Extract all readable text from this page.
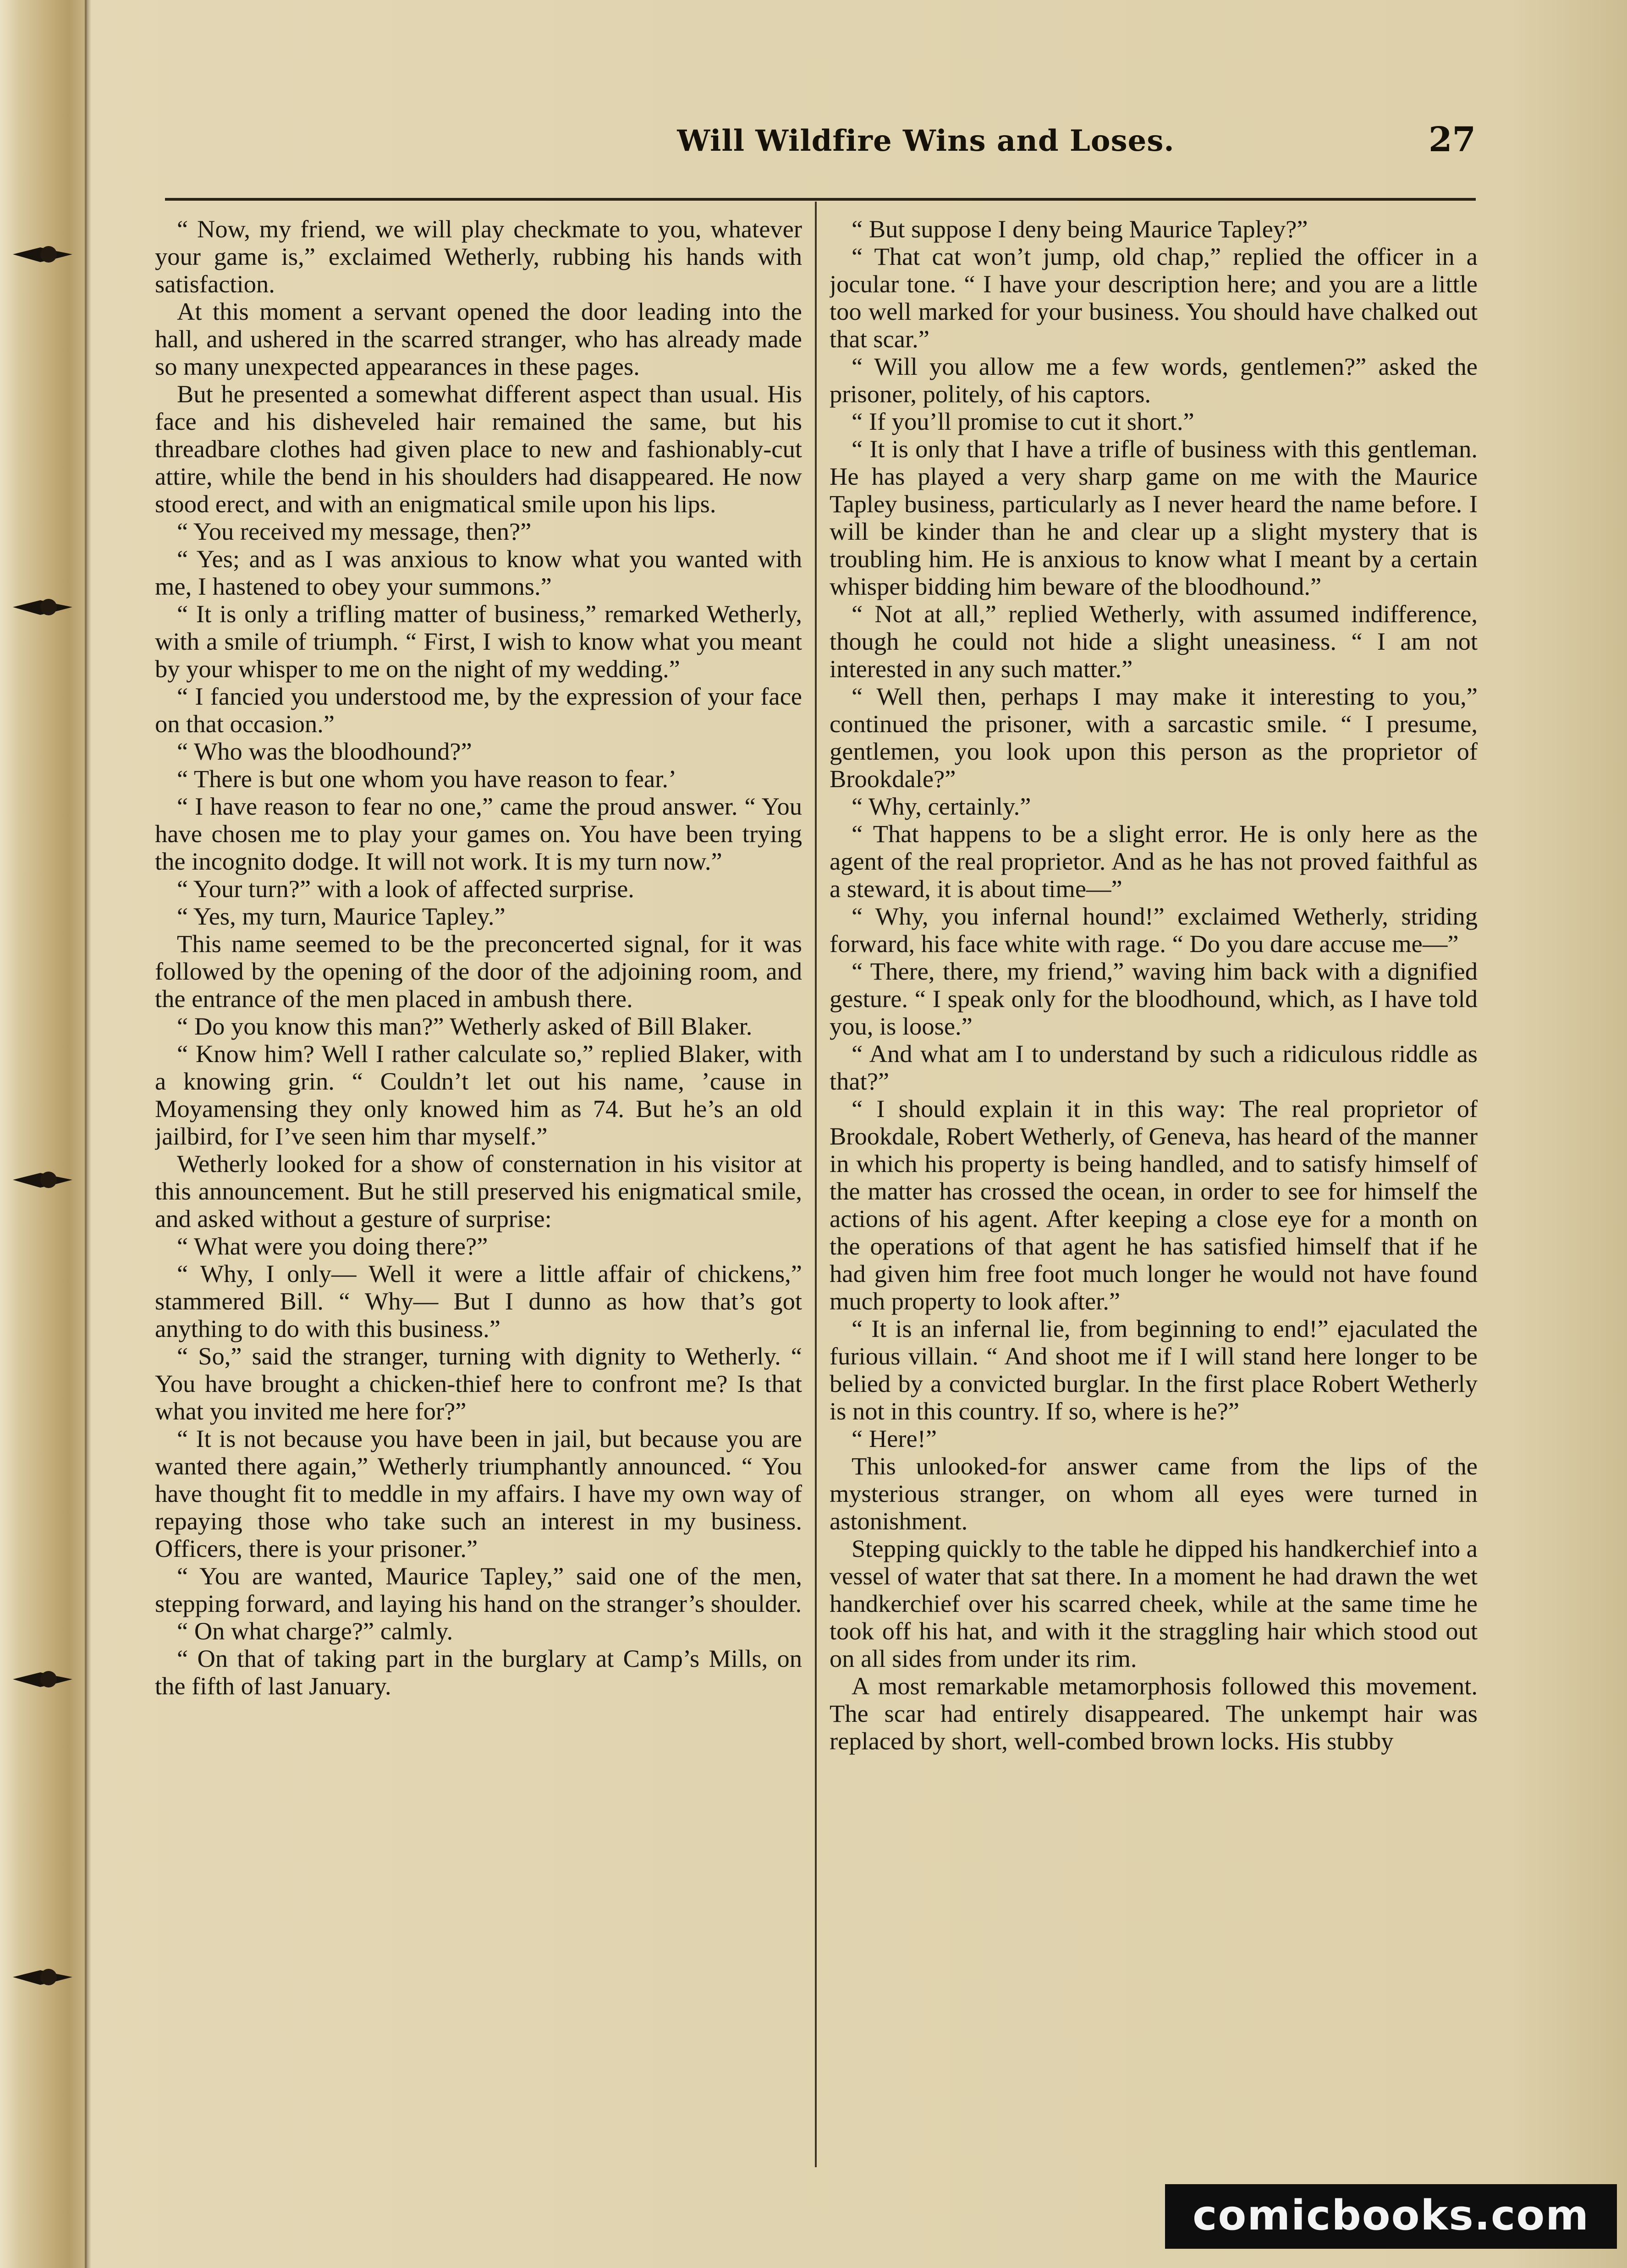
Will Wildfire Wins and Loses.	27

“ Now, my friend, we will play checkmate to you, whatever your game is,” exclaimed Wetherly, rubbing his hands with satisfaction.

At this moment a servant opened the door leading into the hall, and ushered in the scarred stranger, who has already made so many unexpected appearances in these pages.

But he presented a somewhat different aspect than usual. His face and his disheveled hair remained the same, but his threadbare clothes had given place to new and fashionably-cut attire, while the bend in his shoulders had disappeared. He now stood erect, and with an enigmatical smile upon his lips.

“ You received my message, then?”

“ Yes; and as I was anxious to know what you wanted with me, I hastened to obey your summons.”

“ It is only a trifling matter of business,” remarked Wetherly, with a smile of triumph. “ First, I wish to know what you meant by your whisper to me on the night of my wedding.”

“ I fancied you understood me, by the expression of your face on that occasion.”

“ Who was the bloodhound?”

“ There is but one whom you have reason to fear.’

“ I have reason to fear no one,” came the proud answer. “ You have chosen me to play your games on. You have been trying the incognito dodge. It will not work. It is my turn now.”

“ Your turn?” with a look of affected surprise.

“ Yes, my turn, Maurice Tapley.”

This name seemed to be the preconcerted signal, for it was followed by the opening of the door of the adjoining room, and the entrance of the men placed in ambush there.

“ Do you know this man?” Wetherly asked of Bill Blaker.

“ Know him? Well I rather calculate so,” replied Blaker, with a knowing grin. “ Couldn’t let out his name, ’cause in Moyamensing they only knowed him as 74. But he’s an old jailbird, for I’ve seen him thar myself.”

Wetherly looked for a show of consternation in his visitor at this announcement. But he still preserved his enigmatical smile, and asked without a gesture of surprise:

“ What were you doing there?”

“ Why, I only— Well it were a little affair of chickens,” stammered Bill. “ Why— But I dunno as how that’s got anything to do with this business.”

“ So,” said the stranger, turning with dignity to Wetherly. “ You have brought a chicken-thief here to confront me? Is that what you invited me here for?”

“ It is not because you have been in jail, but because you are wanted there again,” Wetherly triumphantly announced. “ You have thought fit to meddle in my affairs. I have my own way of repaying those who take such an interest in my business. Officers, there is your prisoner.”

“ You are wanted, Maurice Tapley,” said one of the men, stepping forward, and laying his hand on the stranger’s shoulder.

“ On what charge?” calmly.

“ On that of taking part in the burglary at Camp’s Mills, on the fifth of last January.

“ But suppose I deny being Maurice Tapley?”

“ That cat won’t jump, old chap,” replied the officer in a jocular tone. “ I have your description here; and you are a little too well marked for your business. You should have chalked out that scar.”

“ Will you allow me a few words, gentlemen?” asked the prisoner, politely, of his captors.

“ If you’ll promise to cut it short.”

“ It is only that I have a trifle of business with this gentleman. He has played a very sharp game on me with the Maurice Tapley business, particularly as I never heard the name before. I will be kinder than he and clear up a slight mystery that is troubling him. He is anxious to know what I meant by a certain whisper bidding him beware of the bloodhound.”

“ Not at all,” replied Wetherly, with assumed indifference, though he could not hide a slight uneasiness. “ I am not interested in any such matter.”

“ Well then, perhaps I may make it interesting to you,” continued the prisoner, with a sarcastic smile. “ I presume, gentlemen, you look upon this person as the proprietor of Brookdale?”

“ Why, certainly.”

“ That happens to be a slight error. He is only here as the agent of the real proprietor. And as he has not proved faithful as a steward, it is about time—”

“ Why, you infernal hound!” exclaimed Wetherly, striding forward, his face white with rage. “ Do you dare accuse me—”

“ There, there, my friend,” waving him back with a dignified gesture. “ I speak only for the bloodhound, which, as I have told you, is loose.”

“ And what am I to understand by such a ridiculous riddle as that?”

“ I should explain it in this way: The real proprietor of Brookdale, Robert Wetherly, of Geneva, has heard of the manner in which his property is being handled, and to satisfy himself of the matter has crossed the ocean, in order to see for himself the actions of his agent. After keeping a close eye for a month on the operations of that agent he has satisfied himself that if he had given him free foot much longer he would not have found much property to look after.”

“ It is an infernal lie, from beginning to end!” ejaculated the furious villain. “ And shoot me if I will stand here longer to be belied by a convicted burglar. In the first place Robert Wetherly is not in this country. If so, where is he?”

“ Here!”

This unlooked-for answer came from the lips of the mysterious stranger, on whom all eyes were turned in astonishment.

Stepping quickly to the table he dipped his handkerchief into a vessel of water that sat there. In a moment he had drawn the wet handkerchief over his scarred cheek, while at the same time he took off his hat, and with it the straggling hair which stood out on all sides from under its rim.

A most remarkable metamorphosis followed this movement. The scar had entirely disappeared. The unkempt hair was replaced by short, well-combed brown locks. His stubby

comicbooks.com
